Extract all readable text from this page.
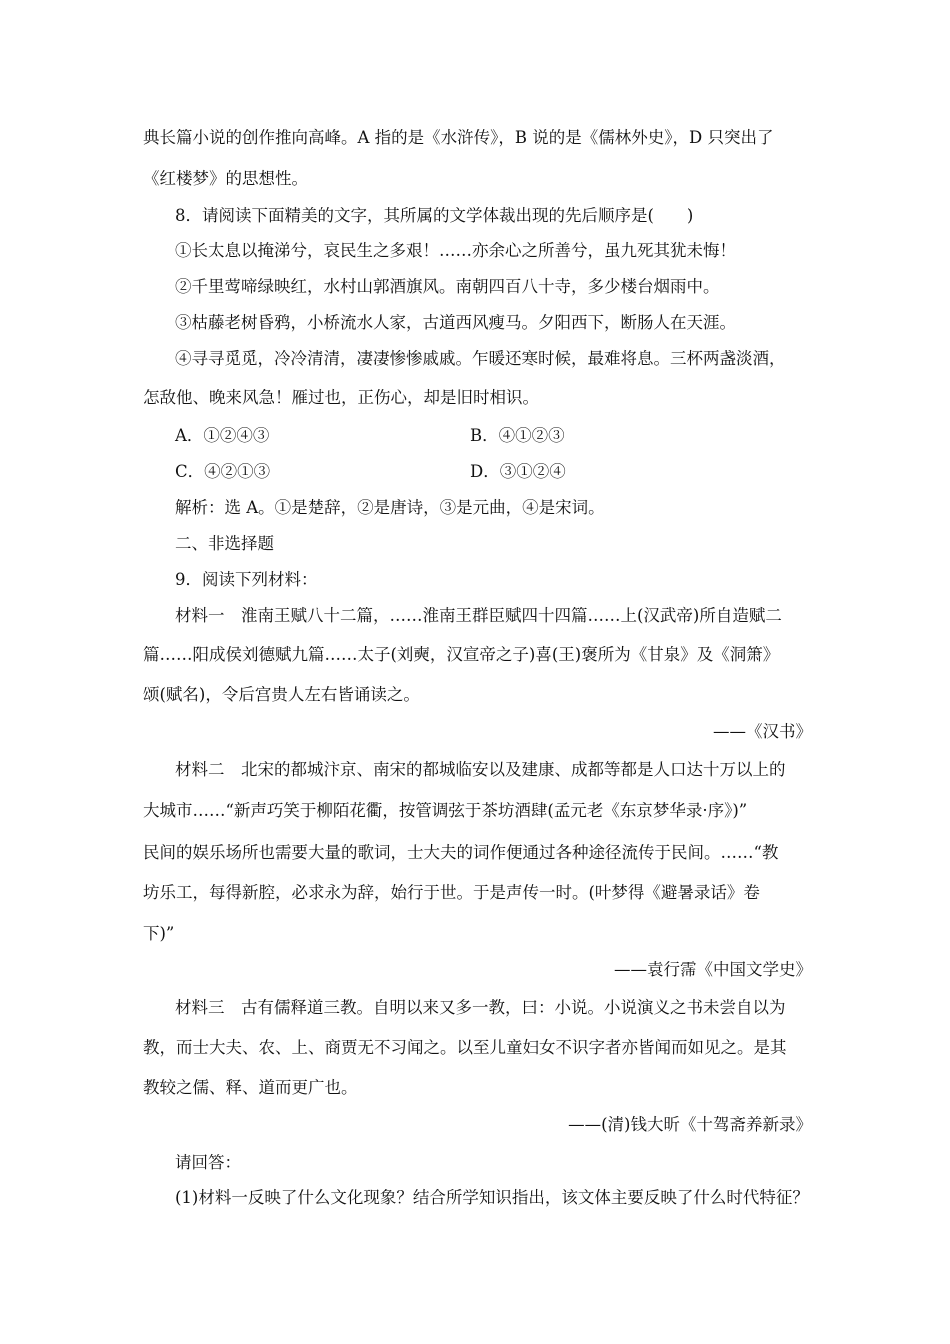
典长篇小说的创作推向高峰。A 指的是《水浒传》，B 说的是《儒林外史》，D 只突出了
《红楼梦》的思想性。
8．请阅读下面精美的文字，其所属的文学体裁出现的先后顺序是(　　)
①长太息以掩涕兮，哀民生之多艰！……亦余心之所善兮，虽九死其犹未悔！
②千里莺啼绿映红，水村山郭酒旗风。南朝四百八十寺，多少楼台烟雨中。
③枯藤老树昏鸦，小桥流水人家，古道西风瘦马。夕阳西下，断肠人在天涯。
④寻寻觅觅，冷冷清清，凄凄惨惨戚戚。乍暖还寒时候，最难将息。三杯两盏淡酒，
怎敌他、晚来风急！雁过也，正伤心，却是旧时相识。
A．①②④③	B．④①②③
C．④②①③	D．③①②④
解析：选 A。①是楚辞，②是唐诗，③是元曲，④是宋词。
二、非选择题
9．阅读下列材料：
材料一　淮南王赋八十二篇，……淮南王群臣赋四十四篇……上(汉武帝)所自造赋二
篇……阳成侯刘德赋九篇……太子(刘奭，汉宣帝之子)喜(王)褒所为《甘泉》及《洞箫》
颂(赋名)，令后宫贵人左右皆诵读之。
——《汉书》
材料二　北宋的都城汴京、南宋的都城临安以及建康、成都等都是人口达十万以上的
大城市……“新声巧笑于柳陌花衢，按管调弦于茶坊酒肆(孟元老《东京梦华录·序》)”
民间的娱乐场所也需要大量的歌词，士大夫的词作便通过各种途径流传于民间。……“教
坊乐工，每得新腔，必求永为辞，始行于世。于是声传一时。(叶梦得《避暑录话》卷
下)”
——袁行霈《中国文学史》
材料三　古有儒释道三教。自明以来又多一教，曰：小说。小说演义之书未尝自以为
教，而士大夫、农、上、商贾无不习闻之。以至儿童妇女不识字者亦皆闻而如见之。是其
教较之儒、释、道而更广也。
——(清)钱大昕《十驾斋养新录》
请回答：
(1)材料一反映了什么文化现象？结合所学知识指出，该文体主要反映了什么时代特征？
